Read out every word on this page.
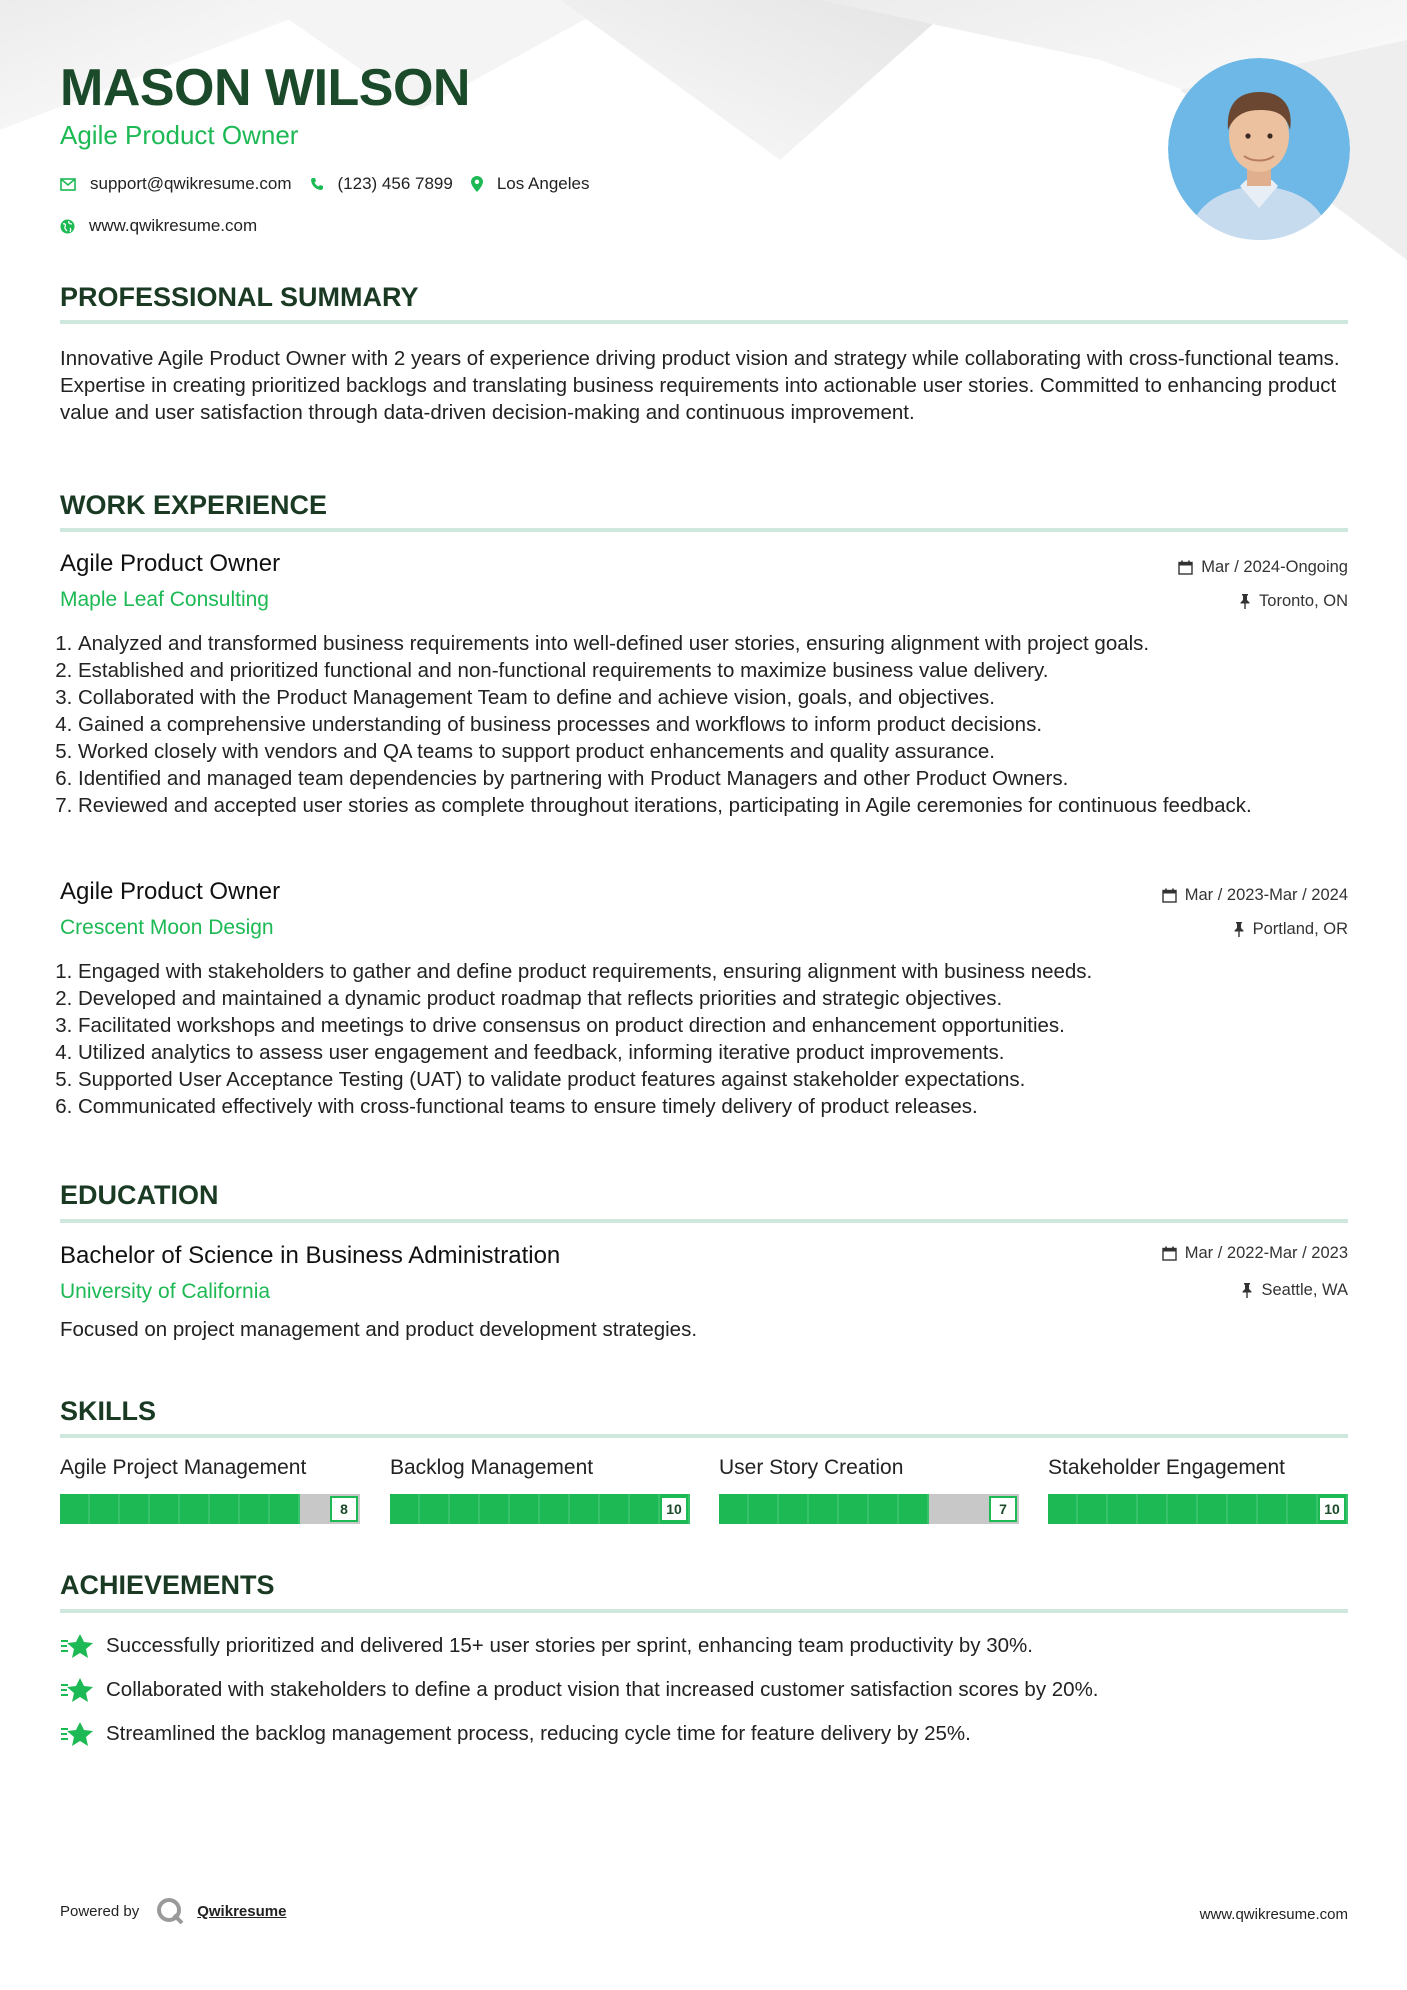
MASON WILSON
Agile Product Owner
support@qwikresume.com	(123) 456 7899	Los Angeles
www.qwikresume.com
PROFESSIONAL SUMMARY
Innovative Agile Product Owner with 2 years of experience driving product vision and strategy while collaborating with cross-functional teams. Expertise in creating prioritized backlogs and translating business requirements into actionable user stories. Committed to enhancing product value and user satisfaction through data-driven decision-making and continuous improvement.
WORK EXPERIENCE
Agile Product Owner
Maple Leaf Consulting
Mar / 2024-Ongoing
Toronto, ON
1. Analyzed and transformed business requirements into well-defined user stories, ensuring alignment with project goals.
2. Established and prioritized functional and non-functional requirements to maximize business value delivery.
3. Collaborated with the Product Management Team to define and achieve vision, goals, and objectives.
4. Gained a comprehensive understanding of business processes and workflows to inform product decisions.
5. Worked closely with vendors and QA teams to support product enhancements and quality assurance.
6. Identified and managed team dependencies by partnering with Product Managers and other Product Owners.
7. Reviewed and accepted user stories as complete throughout iterations, participating in Agile ceremonies for continuous feedback.
Agile Product Owner
Crescent Moon Design
Mar / 2023-Mar / 2024
Portland, OR
1. Engaged with stakeholders to gather and define product requirements, ensuring alignment with business needs.
2. Developed and maintained a dynamic product roadmap that reflects priorities and strategic objectives.
3. Facilitated workshops and meetings to drive consensus on product direction and enhancement opportunities.
4. Utilized analytics to assess user engagement and feedback, informing iterative product improvements.
5. Supported User Acceptance Testing (UAT) to validate product features against stakeholder expectations.
6. Communicated effectively with cross-functional teams to ensure timely delivery of product releases.
EDUCATION
Bachelor of Science in Business Administration
University of California
Mar / 2022-Mar / 2023
Seattle, WA
Focused on project management and product development strategies.
SKILLS
Agile Project Management
8
Backlog Management
10
User Story Creation
7
Stakeholder Engagement
10
ACHIEVEMENTS
Successfully prioritized and delivered 15+ user stories per sprint, enhancing team productivity by 30%.
Collaborated with stakeholders to define a product vision that increased customer satisfaction scores by 20%.
Streamlined the backlog management process, reducing cycle time for feature delivery by 25%.
Powered by	Qwikresume	www.qwikresume.com
